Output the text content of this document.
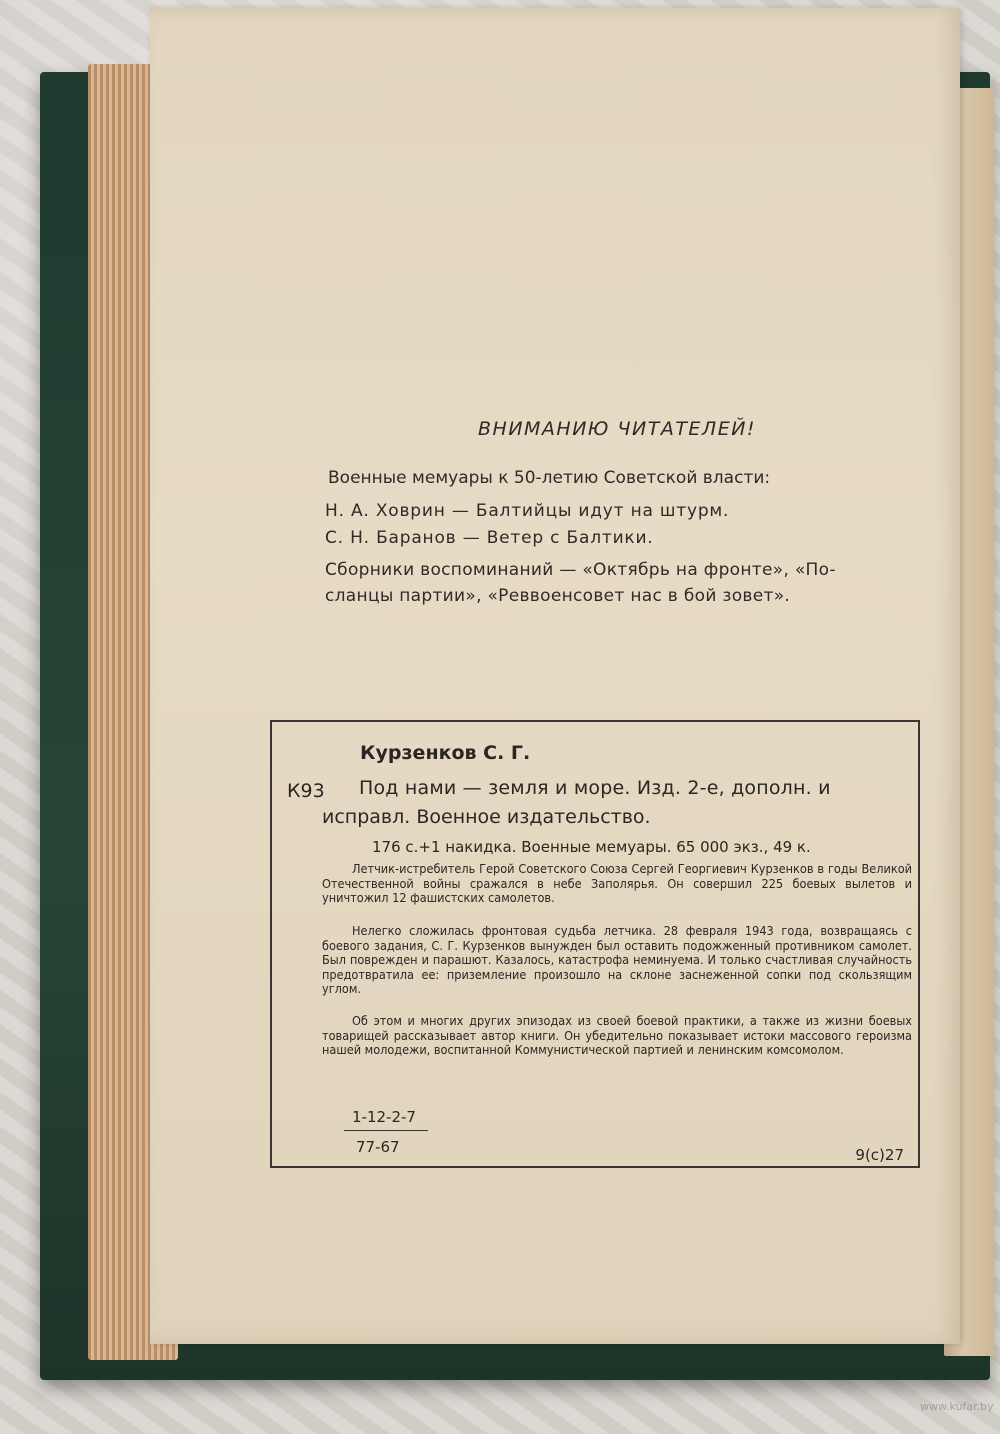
ВНИМАНИЮ ЧИТАТЕЛЕЙ!
Военные мемуары к 50-летию Советской власти:
Н. А. Ховрин — Балтийцы идут на штурм.
С. Н. Баранов — Ветер с Балтики.
Сборники воспоминаний — «Октябрь на фронте», «По-
сланцы партии», «Реввоенсовет нас в бой зовет».
Курзенков С. Г.
К93 Под нами — земля и море. Изд. 2-е, дополн. и
исправл. Военное издательство.
176 с.+1 накидка. Военные мемуары. 65 000 экз., 49 к.
Летчик-истребитель Герой Советского Союза Сергей Георгиевич Курзенков в годы Великой Отечественной войны сражался в небе Заполярья. Он совершил 225 боевых вылетов и уничтожил 12 фашистских самолетов.
Нелегко сложилась фронтовая судьба летчика. 28 февраля 1943 года, возвращаясь с боевого задания, С. Г. Курзенков вынужден был оставить подожженный противником самолет. Был поврежден и парашют. Казалось, катастрофа неминуема. И только счастливая случайность предотвратила ее: приземление произошло на склоне заснеженной сопки под скользящим углом.
Об этом и многих других эпизодах из своей боевой практики, а также из жизни боевых товарищей рассказывает автор книги. Он убедительно показывает истоки массового героизма нашей молодежи, воспитанной Коммунистической партией и ленинским комсомолом.
1-12-2-7
77-67	9(с)27
www.kufar.by
